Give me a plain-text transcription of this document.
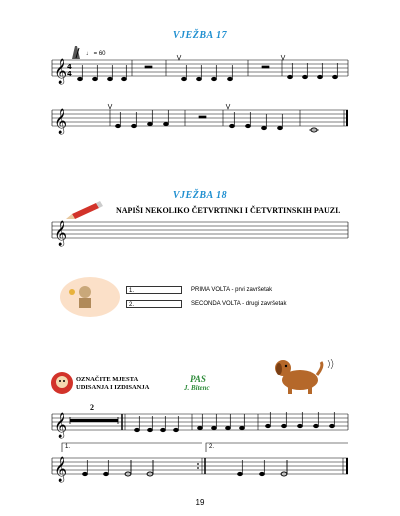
VJEŽBA 17
♩ = 60
𝄞 4
4
𝄞
𝄞
𝄞
𝄞
VJEŽBA 18
NAPIŠI NEKOLIKO ČETVRTINKI I ČETVRTINSKIH PAUZI.
1.
2.
PRIMA VOLTA - prvi završetak
SECONDA VOLTA - drugi završetak
OZNAČITE MJESTA UDISANJA I IZDISANJA
PAS
J. Bitenc
2
1.	2.
19
